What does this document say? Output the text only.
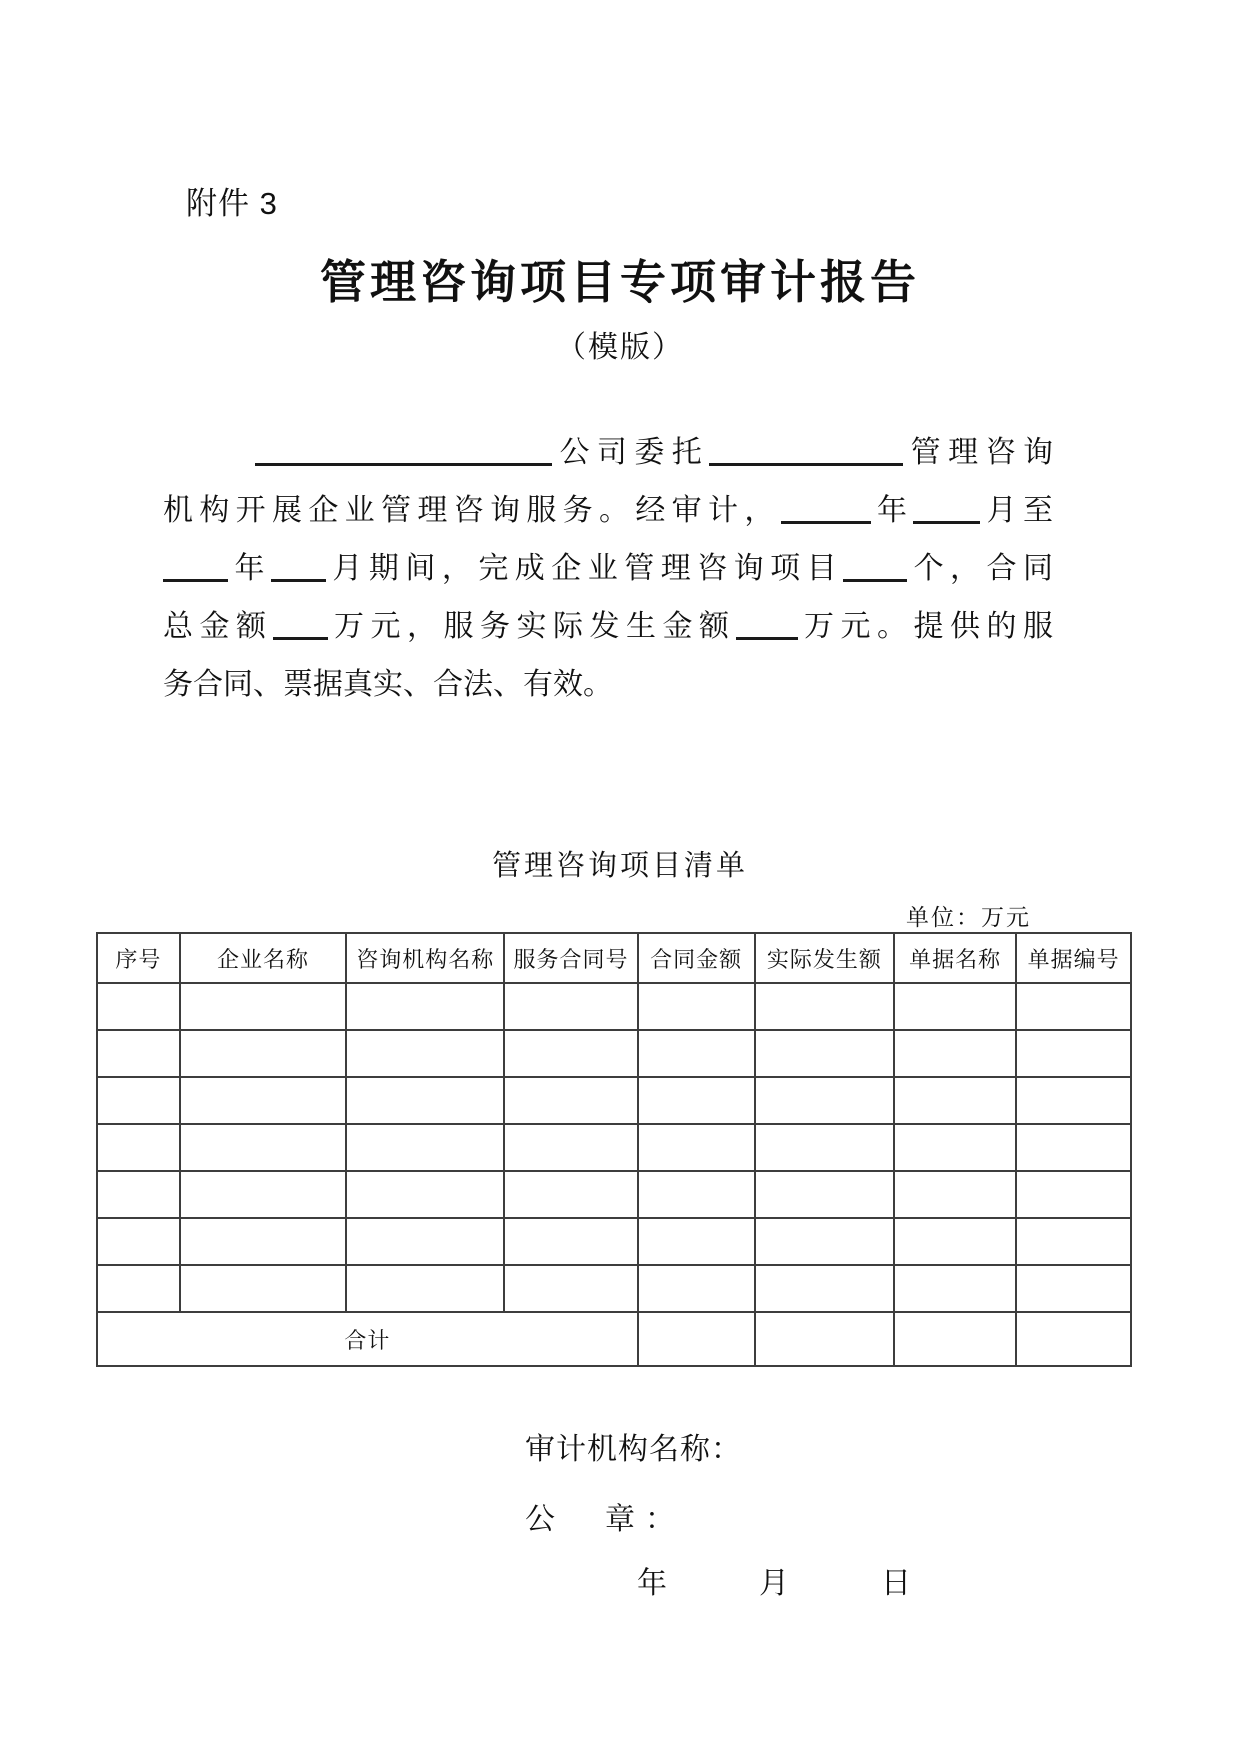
附件 3
管理咨询项目专项审计报告
（模版）
公司委托	管理咨询
机构开展企业管理咨询服务。经审计，	年 月至
年 月期间，完成企业管理咨询项目 个，合同
总金额 万元，服务实际发生金额 万元。提供的服
务合同、票据真实、合法、有效。
管理咨询项目清单
单位：万元
序号	企业名称	咨询机构名称	服务合同号	合同金额	实际发生额	单据名称	单据编号

合计							
审计机构名称：
公　章：
年	月	日
